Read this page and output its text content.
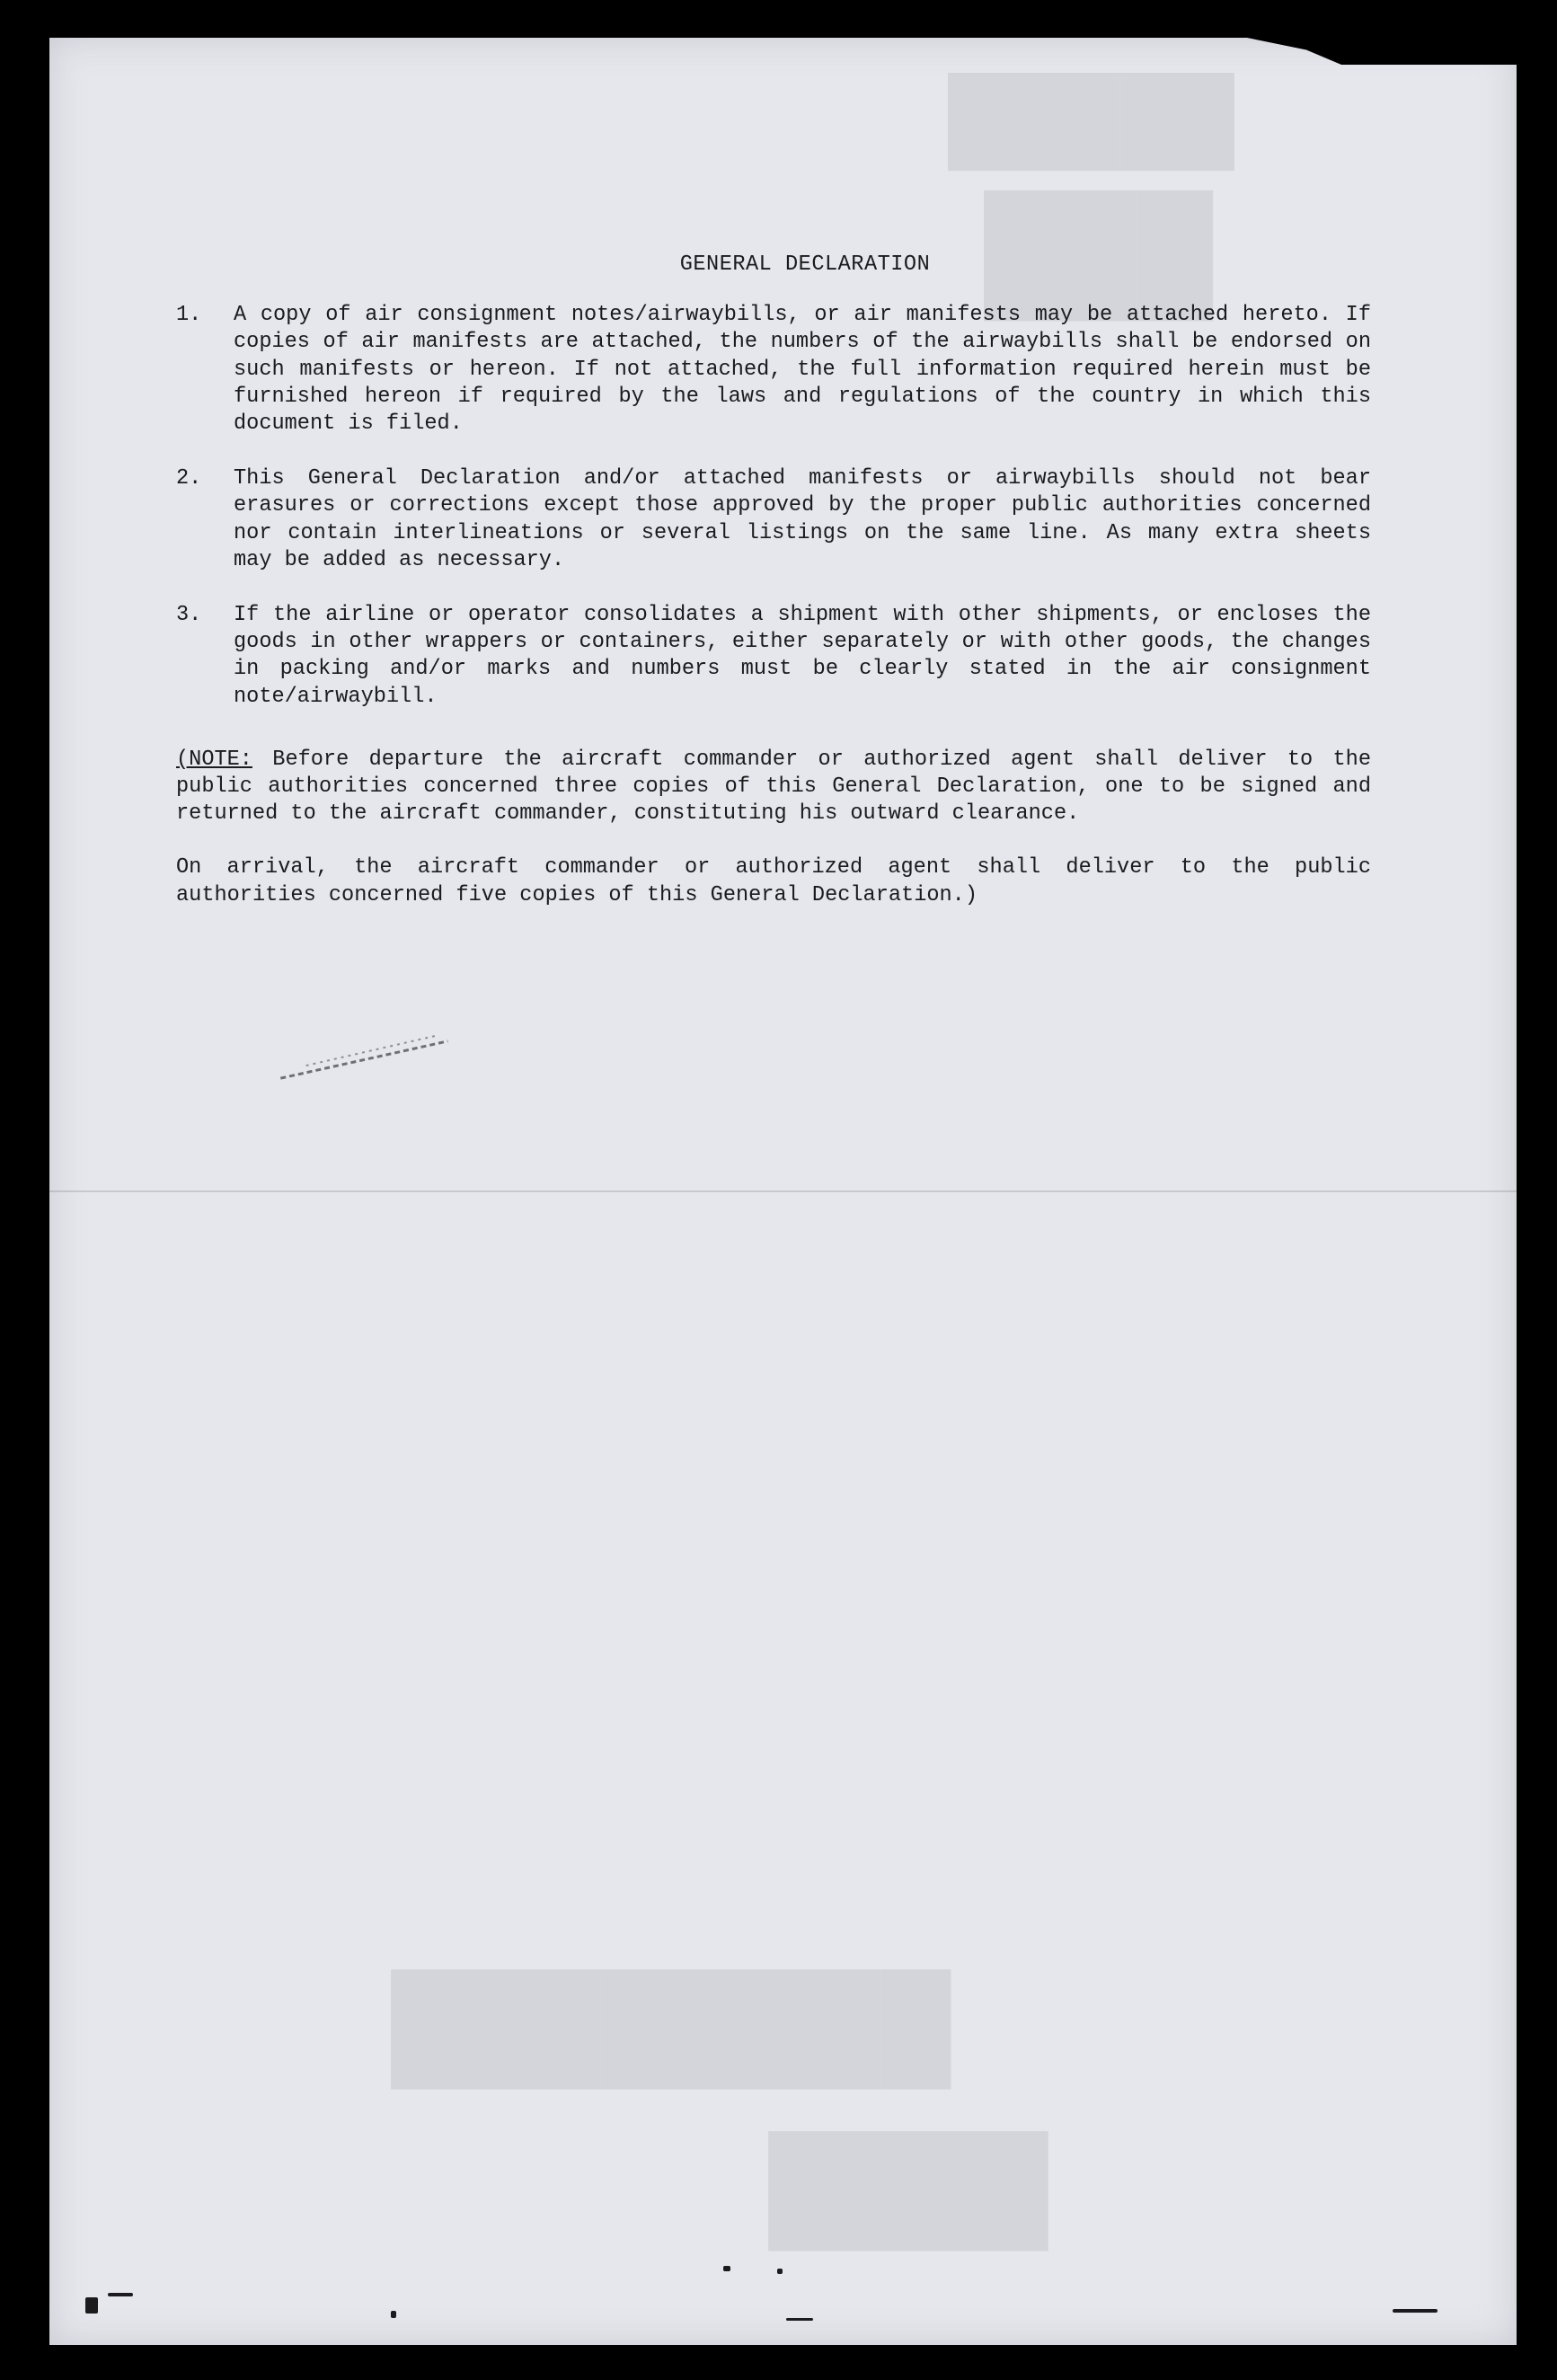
█████
███
████████
████
GENERAL DECLARATION
1.	A copy of air consignment notes/airwaybills, or air manifests may be attached hereto. If copies of air manifests are attached, the numbers of the airwaybills shall be endorsed on such manifests or hereon. If not attached, the full information required herein must be furnished hereon if required by the laws and regulations of the country in which this document is filed.
2.	This General Declaration and/or attached manifests or airwaybills should not bear erasures or corrections except those approved by the proper public authorities concerned nor contain interlineations or several listings on the same line. As many extra sheets may be added as necessary.
3.	If the airline or operator consolidates a shipment with other shipments, or encloses the goods in other wrappers or containers, either separately or with other goods, the changes in packing and/or marks and numbers must be clearly stated in the air consignment note/airwaybill.
(NOTE: Before departure the aircraft commander or authorized agent shall deliver to the public authorities concerned three copies of this General Declaration, one to be signed and returned to the aircraft commander, constituting his outward clearance.
On arrival, the aircraft commander or authorized agent shall deliver to the public authorities concerned five copies of this General Declaration.)
